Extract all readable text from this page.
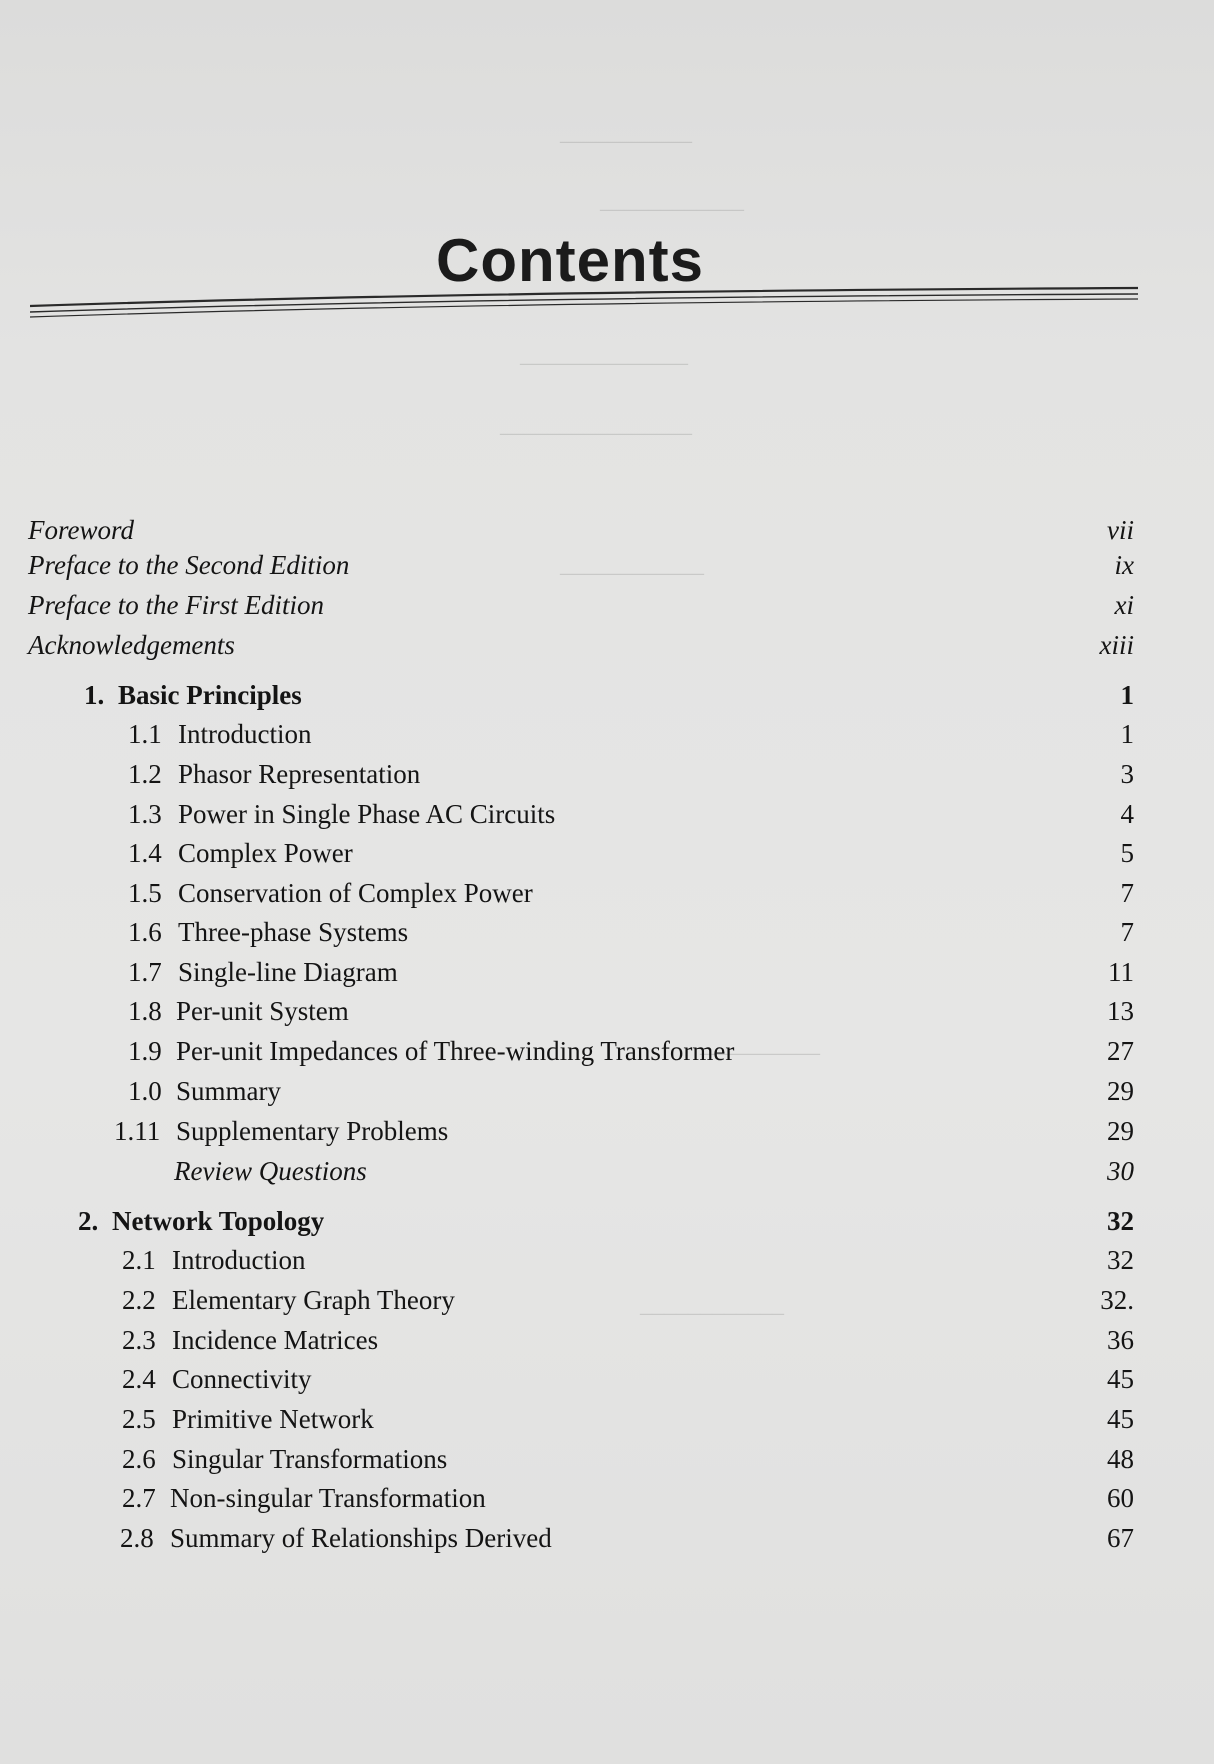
–––––––––––
––––––––––––
––––––––––––––
––––––––––––––––
––––––––––––
––––––––––
––––––––––––
Contents
Foreword	vii
Preface to the Second Edition	ix
Preface to the First Edition	xi
Acknowledgements	xiii
1. Basic Principles	1
1.1 Introduction	1
1.2 Phasor Representation	3
1.3 Power in Single Phase AC Circuits	4
1.4 Complex Power	5
1.5 Conservation of Complex Power	7
1.6 Three-phase Systems	7
1.7 Single-line Diagram	11
1.8 Per-unit System	13
1.9 Per-unit Impedances of Three-winding Transformer	27
1.0 Summary	29
1.11 Supplementary Problems	29
Review Questions	30
2. Network Topology	32
2.1 Introduction	32
2.2 Elementary Graph Theory	32.
2.3 Incidence Matrices	36
2.4 Connectivity	45
2.5 Primitive Network	45
2.6 Singular Transformations	48
2.7 Non-singular Transformation	60
2.8 Summary of Relationships Derived	67
